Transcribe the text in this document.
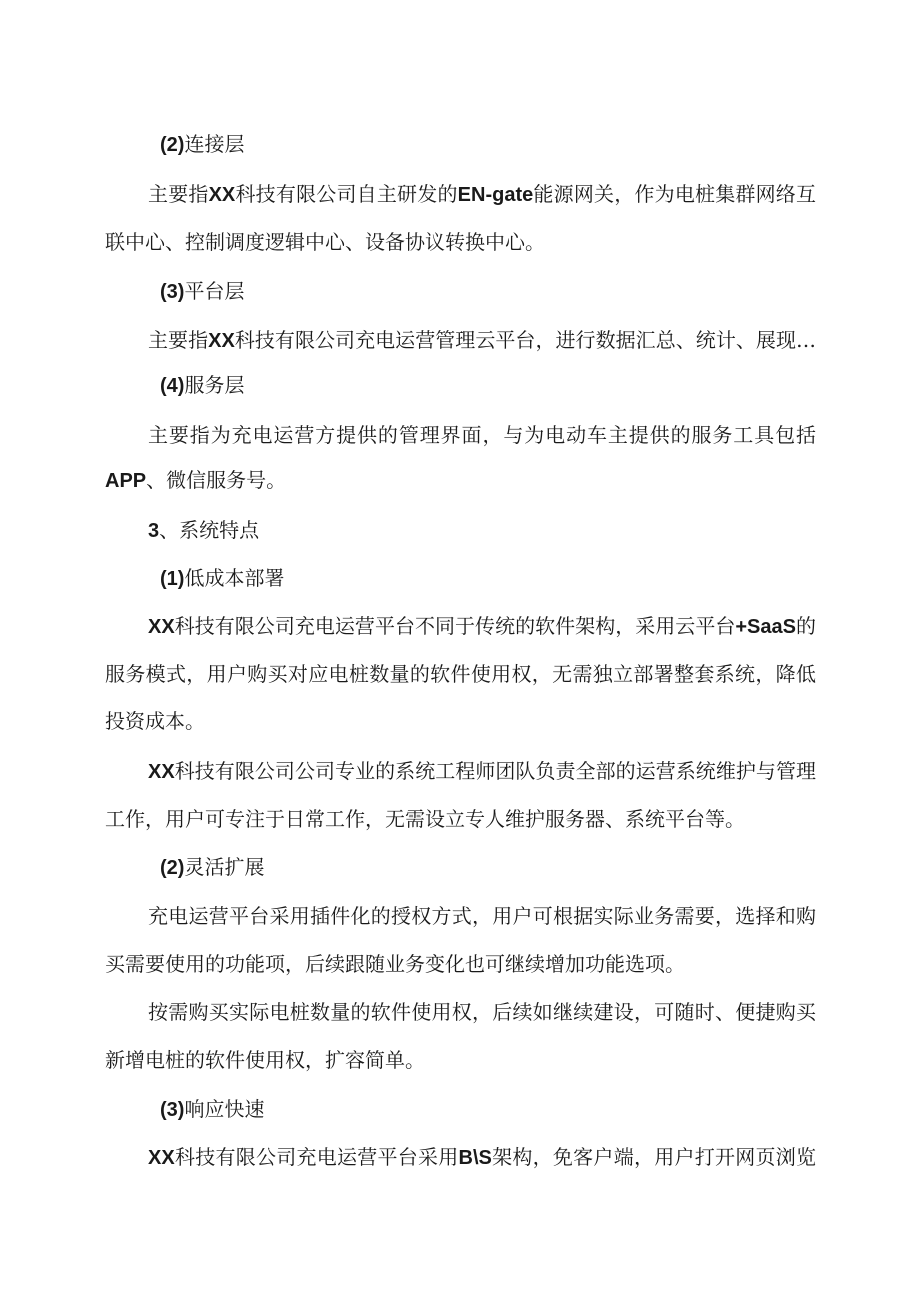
(2)连接层
主要指XX科技有限公司自主研发的EN-gate能源网关，作为电桩集群网络互
联中心、控制调度逻辑中心、设备协议转换中心。
(3)平台层
主要指XX科技有限公司充电运营管理云平台，进行数据汇总、统计、展现…
(4)服务层
主要指为充电运营方提供的管理界面，与为电动车主提供的服务工具包括
APP、微信服务号。
3、系统特点
(1)低成本部署
XX科技有限公司充电运营平台不同于传统的软件架构，采用云平台+SaaS的
服务模式，用户购买对应电桩数量的软件使用权，无需独立部署整套系统，降低
投资成本。
XX科技有限公司公司专业的系统工程师团队负责全部的运营系统维护与管理
工作，用户可专注于日常工作，无需设立专人维护服务器、系统平台等。
(2)灵活扩展
充电运营平台采用插件化的授权方式，用户可根据实际业务需要，选择和购
买需要使用的功能项，后续跟随业务变化也可继续增加功能选项。
按需购买实际电桩数量的软件使用权，后续如继续建设，可随时、便捷购买
新增电桩的软件使用权，扩容简单。
(3)响应快速
XX科技有限公司充电运营平台采用B\S架构，免客户端，用户打开网页浏览
